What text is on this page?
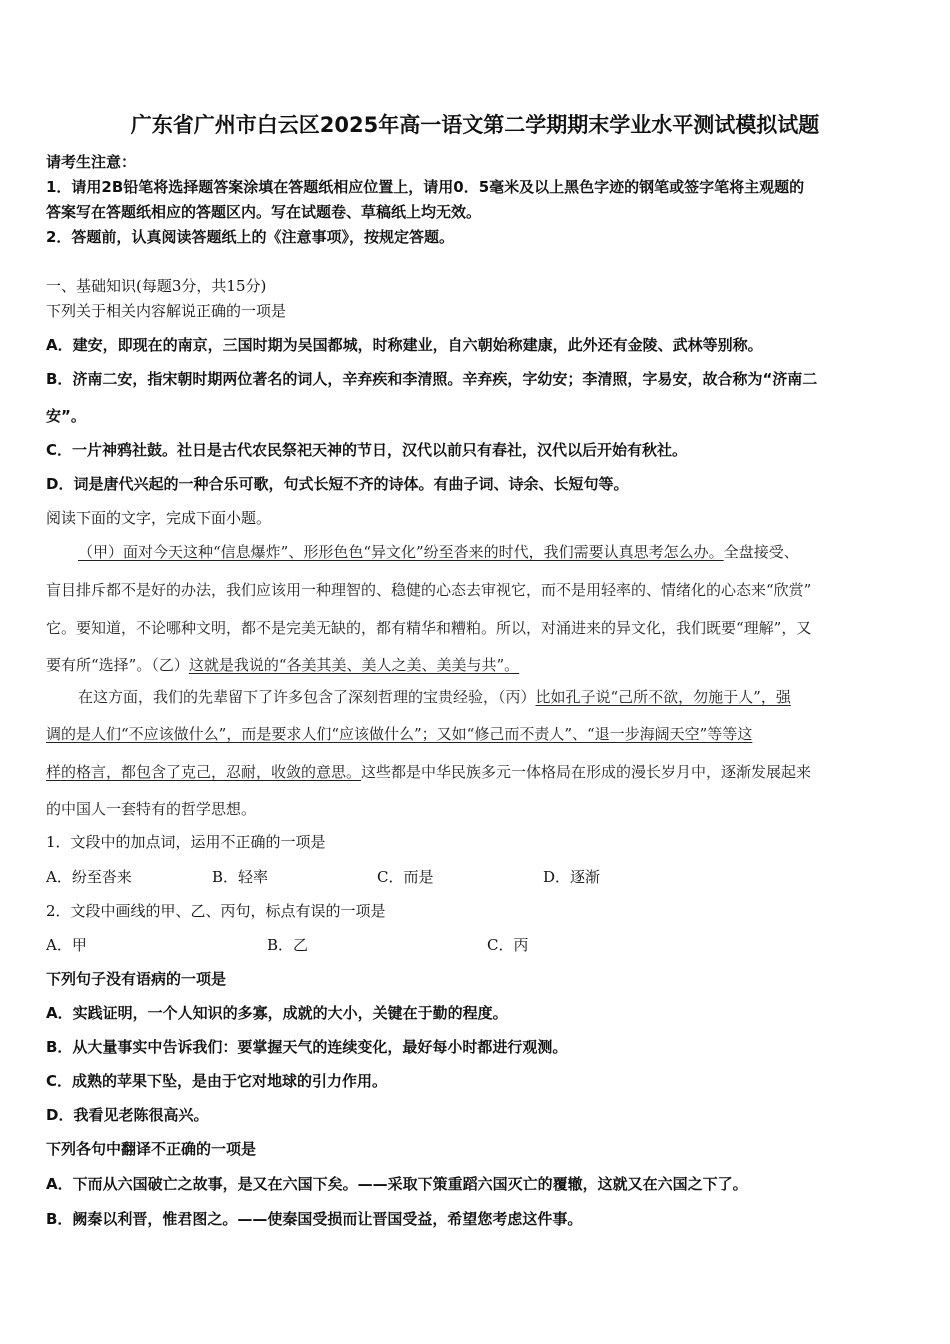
广东省广州市白云区2025年高一语文第二学期期末学业水平测试模拟试题
请考生注意：
1．请用2B铅笔将选择题答案涂填在答题纸相应位置上，请用0．5毫米及以上黑色字迹的钢笔或签字笔将主观题的
答案写在答题纸相应的答题区内。写在试题卷、草稿纸上均无效。
2．答题前，认真阅读答题纸上的《注意事项》，按规定答题。
一、基础知识(每题3分，共15分)
下列关于相关内容解说正确的一项是
A．建安，即现在的南京，三国时期为吴国都城，时称建业，自六朝始称建康，此外还有金陵、武林等别称。
B．济南二安，指宋朝时期两位著名的词人，辛弃疾和李清照。辛弃疾，字幼安；李清照，字易安，故合称为“济南二
安”。
C．一片神鸦社鼓。社日是古代农民祭祀天神的节日，汉代以前只有春社，汉代以后开始有秋社。
D．词是唐代兴起的一种合乐可歌，句式长短不齐的诗体。有曲子词、诗余、长短句等。
阅读下面的文字，完成下面小题。
（甲）面对今天这种“信息爆炸”、形形色色“异文化”纷至沓来的时代，我们需要认真思考怎么办。全盘接受、
盲目排斥都不是好的办法，我们应该用一种理智的、稳健的心态去审视它，而不是用轻率的、情绪化的心态来“欣赏”
它。要知道，不论哪种文明，都不是完美无缺的，都有精华和糟粕。所以，对涌进来的异文化，我们既要“理解”，又
要有所“选择”。（乙）这就是我说的“各美其美、美人之美、美美与共”。
在这方面，我们的先辈留下了许多包含了深刻哲理的宝贵经验，（丙）比如孔子说“己所不欲，勿施于人”，强
调的是人们“不应该做什么”，而是要求人们“应该做什么”；又如“修己而不责人”、“退一步海阔天空”等等这
样的格言，都包含了克己，忍耐，收敛的意思。这些都是中华民族多元一体格局在形成的漫长岁月中，逐渐发展起来
的中国人一套特有的哲学思想。
1．文段中的加点词，运用不正确的一项是
A．纷至沓来	B．轻率	C．而是	D．逐渐
2．文段中画线的甲、乙、丙句，标点有误的一项是
A．甲	B．乙	C．丙
下列句子没有语病的一项是
A．实践证明，一个人知识的多寡，成就的大小，关键在于勤的程度。
B．从大量事实中告诉我们：要掌握天气的连续变化，最好每小时都进行观测。
C．成熟的苹果下坠，是由于它对地球的引力作用。
D．我看见老陈很高兴。
下列各句中翻译不正确的一项是
A．下而从六国破亡之故事，是又在六国下矣。——采取下策重蹈六国灭亡的覆辙，这就又在六国之下了。
B．阙秦以利晋，惟君图之。——使秦国受损而让晋国受益，希望您考虑这件事。
